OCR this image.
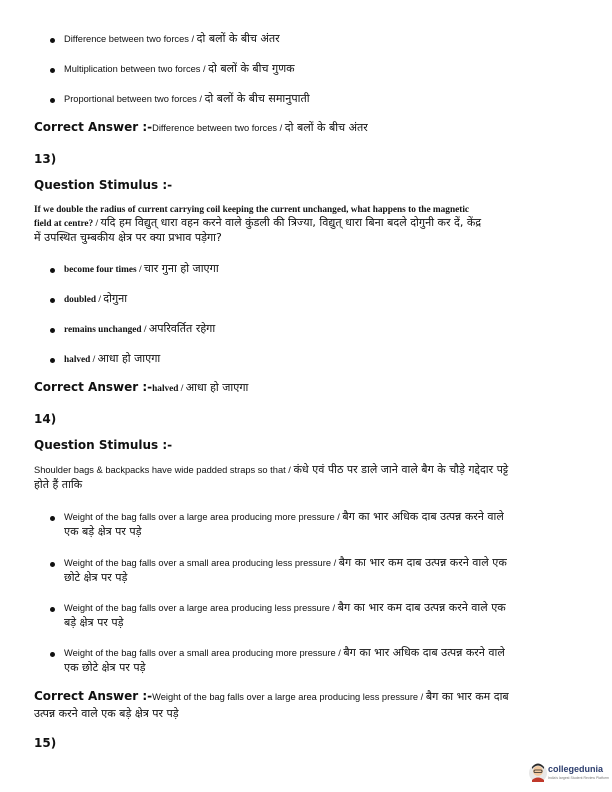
Difference between two forces / दो बलों के बीच अंतर
Multiplication between two forces / दो बलों के बीच गुणक
Proportional between two forces / दो बलों के बीच समानुपाती
Correct Answer :-Difference between two forces / दो बलों के बीच अंतर
13)
Question Stimulus :-
If we double the radius of current carrying coil keeping the current unchanged, what happens to the magnetic
field at centre? / यदि हम विद्युत् धारा वहन करने वाले कुंडली की त्रिज्या, विद्युत् धारा बिना बदले दोगुनी कर दें, केंद्र
में उपस्थित चुम्बकीय क्षेत्र पर क्या प्रभाव पड़ेगा?
become four times / चार गुना हो जाएगा
doubled / दोगुना
remains unchanged / अपरिवर्तित रहेगा
halved / आधा हो जाएगा
Correct Answer :-halved / आधा हो जाएगा
14)
Question Stimulus :-
Shoulder bags & backpacks have wide padded straps so that / कंधे एवं पीठ पर डाले जाने वाले बैग के चौड़े गद्देदार पट्टे
होते हैं ताकि
Weight of the bag falls over a large area producing more pressure / बैग का भार अधिक दाब उत्पन्न करने वाले
एक बड़े क्षेत्र पर पड़े
Weight of the bag falls over a small area producing less pressure / बैग का भार कम दाब उत्पन्न करने वाले एक
छोटे क्षेत्र पर पड़े
Weight of the bag falls over a large area producing less pressure / बैग का भार कम दाब उत्पन्न करने वाले एक
बड़े क्षेत्र पर पड़े
Weight of the bag falls over a small area producing more pressure / बैग का भार अधिक दाब उत्पन्न करने वाले
एक छोटे क्षेत्र पर पड़े
Correct Answer :-Weight of the bag falls over a large area producing less pressure / बैग का भार कम दाब
उत्पन्न करने वाले एक बड़े क्षेत्र पर पड़े
15)
collegedunia
India's largest Student Review Platform
